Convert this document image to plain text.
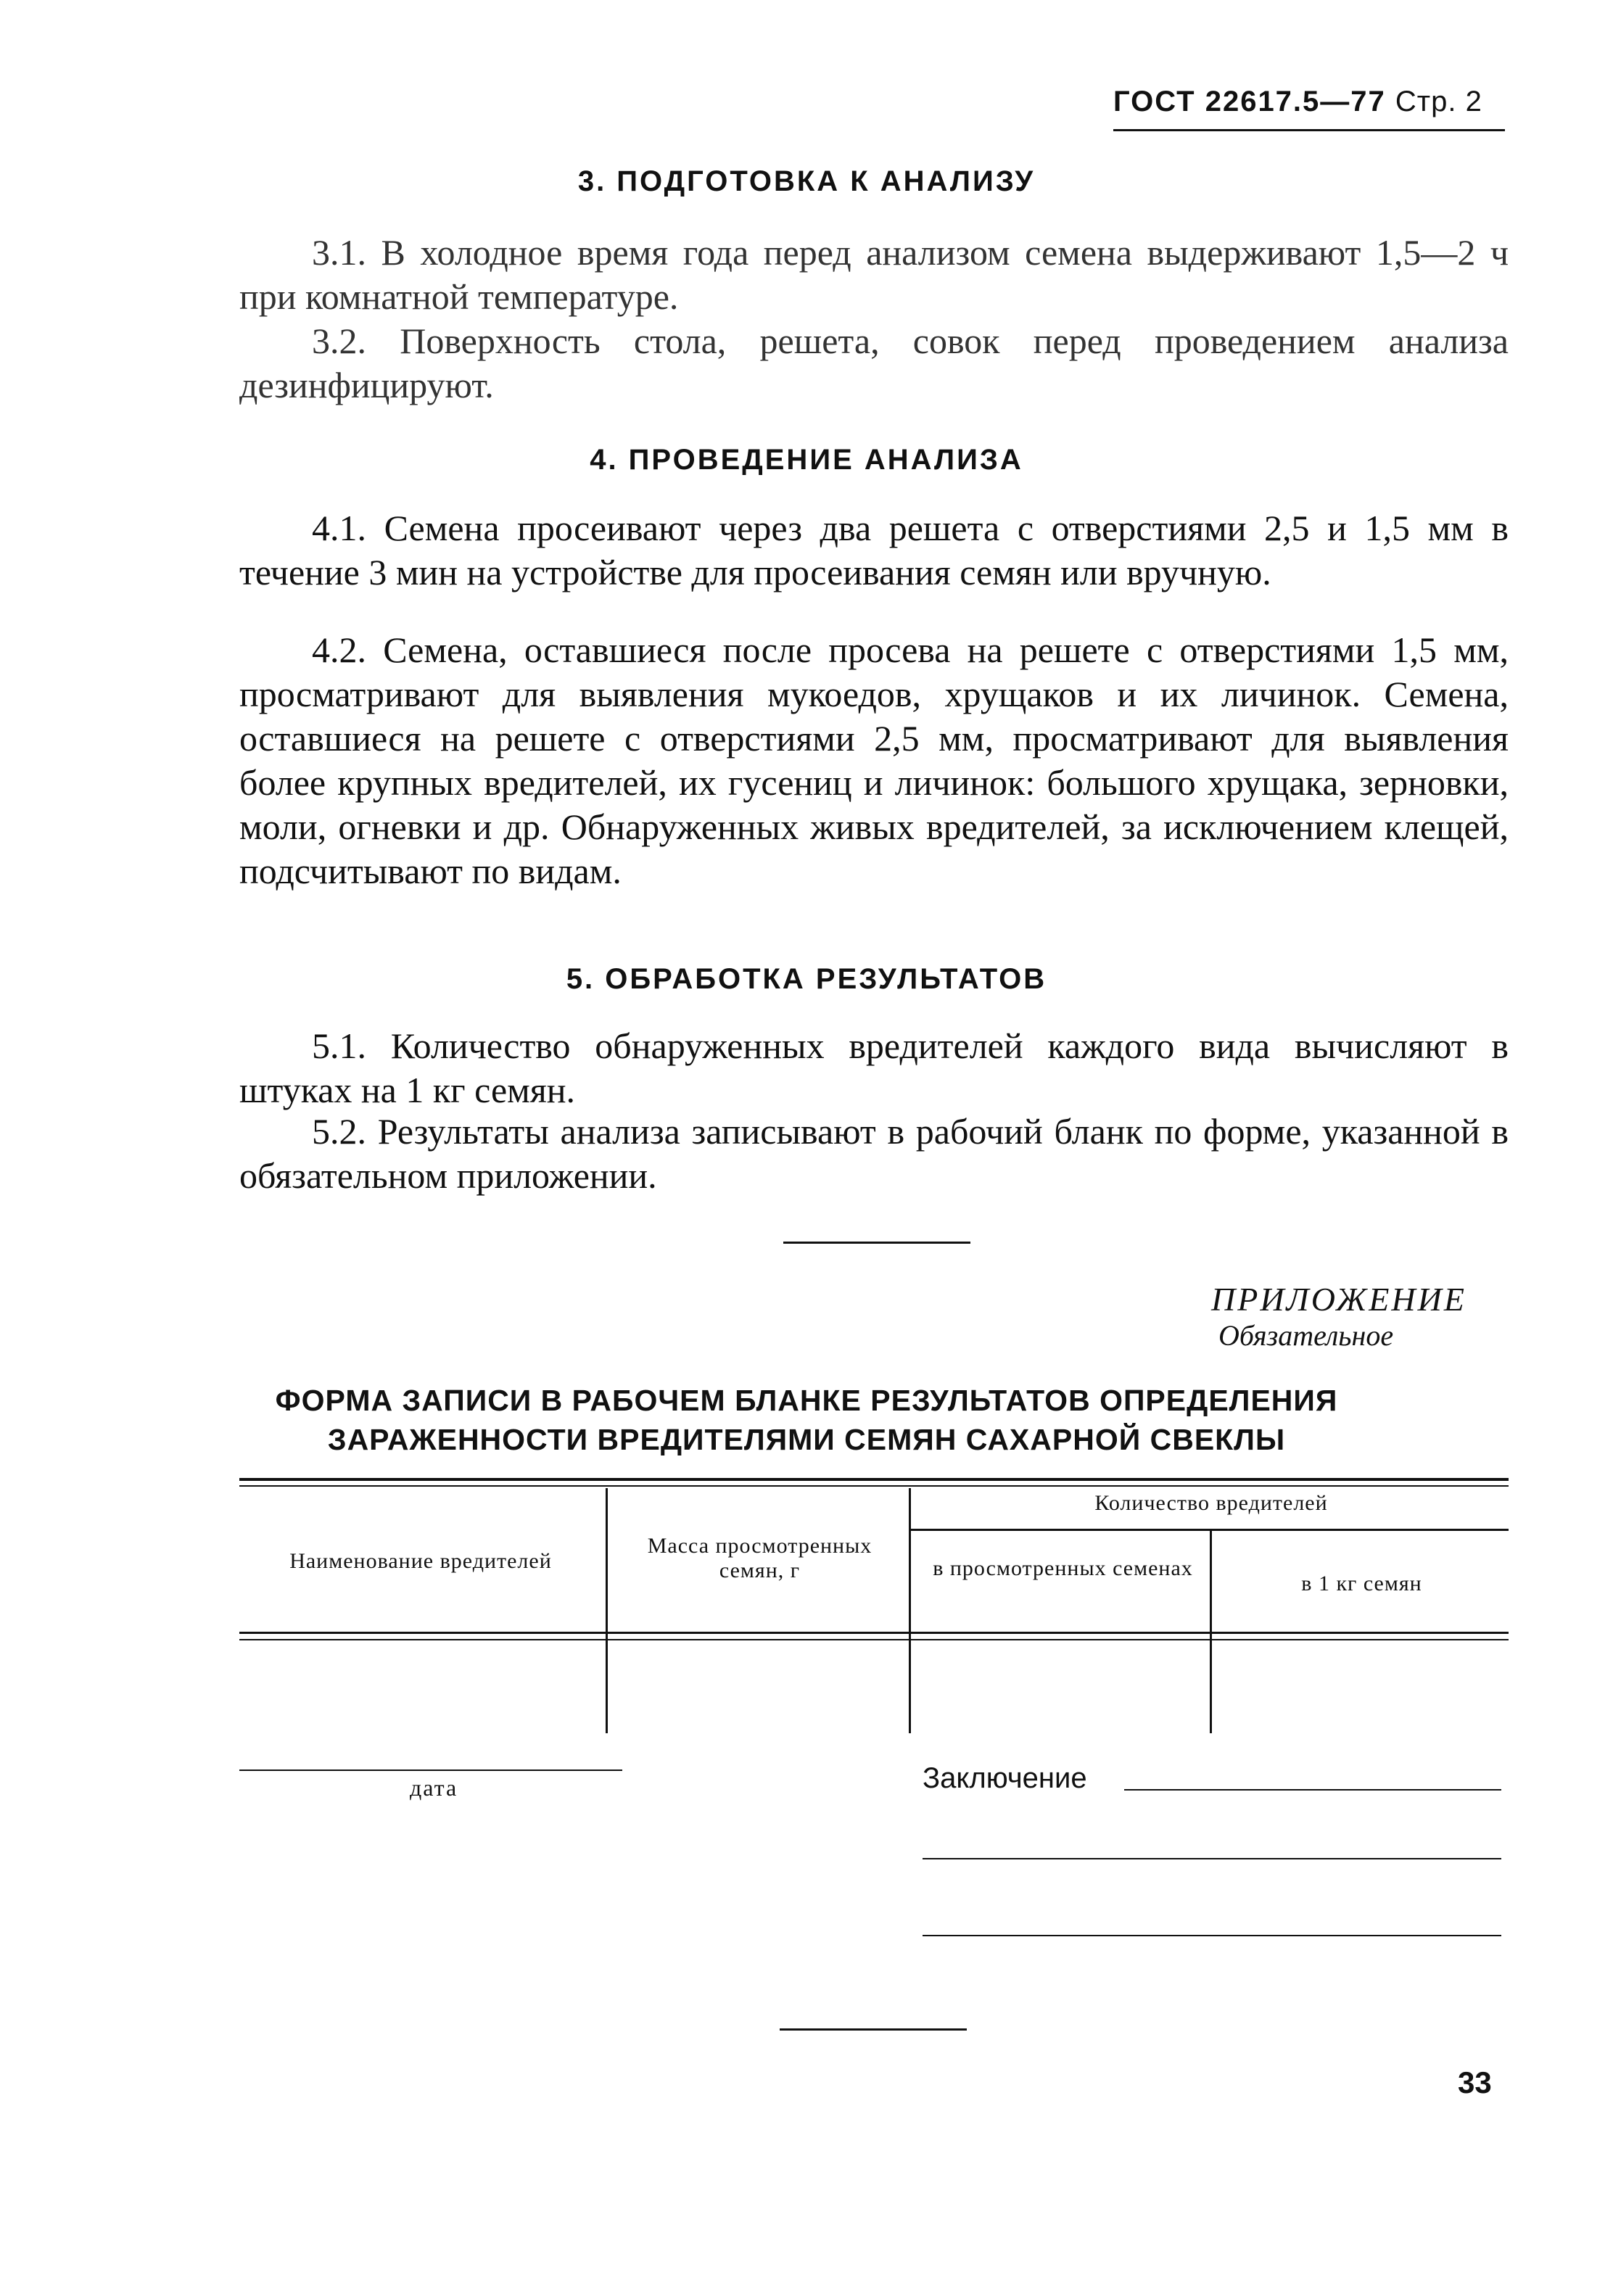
ГОСТ 22617.5—77 Стр. 2
3. ПОДГОТОВКА К АНАЛИЗУ
3.1. В холодное время года перед анализом семена выдерживают 1,5—2 ч при комнатной температуре.
3.2. Поверхность стола, решета, совок перед проведением анализа дезинфицируют.
4. ПРОВЕДЕНИЕ АНАЛИЗА
4.1. Семена просеивают через два решета с отверстиями 2,5 и 1,5 мм в течение 3 мин на устройстве для просеивания семян или вручную.
4.2. Семена, оставшиеся после просева на решете с отверстиями 1,5 мм, просматривают для выявления мукоедов, хрущаков и их личинок. Семена, оставшиеся на решете с отверстиями 2,5 мм, просматривают для выявления более крупных вредителей, их гусениц и личинок: большого хрущака, зерновки, моли, огневки и др. Обнаруженных живых вредителей, за исключением клещей, подсчитывают по видам.
5. ОБРАБОТКА РЕЗУЛЬТАТОВ
5.1. Количество обнаруженных вредителей каждого вида вычисляют в штуках на 1 кг семян.
5.2. Результаты анализа записывают в рабочий бланк по форме, указанной в обязательном приложении.
ПРИЛОЖЕНИЕ
Обязательное
ФОРМА ЗАПИСИ В РАБОЧЕМ БЛАНКЕ РЕЗУЛЬТАТОВ ОПРЕДЕЛЕНИЯ
ЗАРАЖЕННОСТИ ВРЕДИТЕЛЯМИ СЕМЯН САХАРНОЙ СВЕКЛЫ
Наименование вредителей
Масса просмотренных семян, г
Количество вредителей
в просмотренных семенах
в 1 кг семян
дата	Заключение
33
